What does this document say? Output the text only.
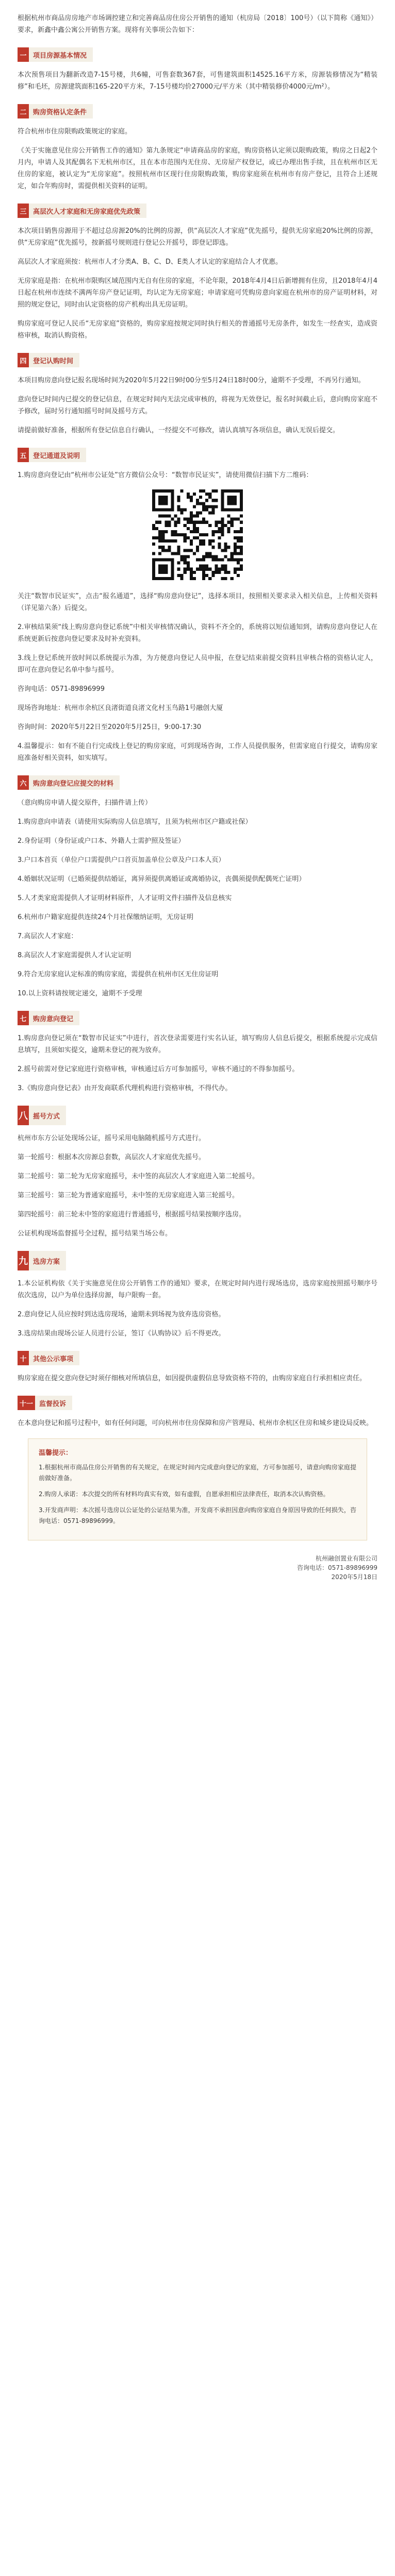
根据杭州市商品房房地产市场调控建立和完善商品房住房公开销售的通知（杭房局〔2018〕100号）（以下简称《通知》）要求，新鑫中鑫公寓公开销售方案。现将有关事项公告如下：

一 项目房源基本情况

本次预售项目为翻新改造7-15号楼，共6幢，可售套数367套，可售建筑面积14525.16平方米，房源装修情况为“精装修”和毛坯，房源建筑面积165-220平方米，7-15号楼均价27000元/平方米（其中精装修价4000元/m²）。

二 购房资格认定条件

符合杭州市住房限购政策规定的家庭。

《关于实施意见住房公开销售工作的通知》第九条规定“申请商品房的家庭，购房资格认定须以限购政策，购房之日起2个月内，申请人及其配偶名下无杭州市区，且在本市范围内无住房、无房屋产权登记，或已办理出售手续，且在杭州市区无住房的家庭，被认定为“无房家庭”。按照杭州市区现行住房限购政策，购房家庭须在杭州市有房产登记，且符合上述规定，如合年购房时，需提供相关资料的证明。

三 高层次人才家庭和无房家庭优先政策

本次项目销售房源用于不超过总房源20%的比例的房源，供“高层次人才家庭”优先摇号，提供无房家庭20%比例的房源，供“无房家庭”优先摇号，按新摇号规则进行登记公开摇号，即登记即选。

高层次人才家庭须按：杭州市人才分类A、B、C、D、E类人才认定的家庭结合人才优惠。

无房家庭是指：在杭州市限购区域范围内无自有住房的家庭，不论年限，2018年4月4日后新增拥有住房，且2018年4月4日起在杭州市连续不满两年房产登记证明，均认定为无房家庭；申请家庭可凭购房意向家庭在杭州市的房产证明材料，对照的规定登记，同时由认定资格的房产机构出具无房证明。

购房家庭可登记人民币“无房家庭”资格的，购房家庭按规定同时执行相关的普通摇号无房条件，如发生一经查实，造成资格审核，取消认购资格。

四 登记认购时间

本项目购房意向登记报名现场时间为2020年5月22日9时00分至5月24日18时00分，逾期不予受理，不再另行通知。

意向登记时间内已提交的登记信息，在规定时间内无法完成审核的，将视为无效登记，报名时间截止后，意向购房家庭不予修改，届时另行通知摇号时间及摇号方式。

请提前做好准备，根据所有登记信息自行确认，一经提交不可修改，请认真填写各项信息，确认无误后提交。

五 登记通道及说明

1.购房意向登记由“杭州市公证处”官方微信公众号：“数智市民证实”，请使用微信扫描下方二维码：

关注“数智市民证实”，点击“报名通道”，选择“购房意向登记”，选择本项目，按照相关要求录入相关信息，上传相关资料（详见第六条）后提交。

2.审核结果须“线上购房意向登记系统”中相关审核情况确认，资料不齐全的，系统将以短信通知到，请购房意向登记人在系统更新后按意向登记要求及时补充资料。

3.线上登记系统开放时间以系统提示为准，为方便意向登记人员申报，在登记结束前提交资料且审核合格的资格认定人，即可在意向登记名单中参与摇号。

咨询电话：0571-89896999

现场咨询地址：杭州市余杭区良渚街道良渚文化村玉鸟路1号融创大厦

咨询时间：2020年5月22日至2020年5月25日，9:00-17:30

4.温馨提示：如有不能自行完成线上登记的购房家庭，可到现场咨询，工作人员提供服务，但需家庭自行提交，请购房家庭准备好相关资料，如实填写。

六 购房意向登记应提交的材料

（意向购房申请人提交原件，扫描件请上传）

1.购房意向申请表（请使用实际购房人信息填写，且须为杭州市区户籍或社保）

2.身份证明（身份证或户口本、外籍人士需护照及签证）

3.户口本首页（单位户口需提供户口首页加盖单位公章及户口本人页）

4.婚姻状况证明（已婚须提供结婚证，离异须提供离婚证或离婚协议，丧偶须提供配偶死亡证明）

5.人才类家庭需提供人才证明材料原件，人才证明文件扫描件及信息核实

6.杭州市户籍家庭提供连续24个月社保缴纳证明，无房证明

7.高层次人才家庭：

8.高层次人才家庭需提供人才认定证明

9.符合无房家庭认定标准的购房家庭，需提供在杭州市区无住房证明

10.以上资料请按规定递交，逾期不予受理

七 购房意向登记

1.购房意向登记须在“数智市民证实”中进行，首次登录需要进行实名认证，填写购房人信息后提交，根据系统提示完成信息填写，且须如实提交，逾期未登记的视为放弃。

2.摇号前需对登记家庭进行资格审核，审核通过后方可参加摇号，审核不通过的不得参加摇号。

3.《购房意向登记表》由开发商联系代理机构进行资格审核，不得代办。

八 摇号方式

杭州市东方公证处现场公证，摇号采用电脑随机摇号方式进行。

第一轮摇号：根据本次房源总套数，高层次人才家庭优先摇号。

第二轮摇号：第二轮为无房家庭摇号，未中签的高层次人才家庭进入第二轮摇号。

第三轮摇号：第三轮为普通家庭摇号，未中签的无房家庭进入第三轮摇号。

第四轮摇号：前三轮未中签的家庭进行普通摇号，根据摇号结果按顺序选房。

公证机构现场监督摇号全过程，摇号结果当场公布。

九 选房方案

1.本公证机构依《关于实施意见住房公开销售工作的通知》要求，在规定时间内进行现场选房，选房家庭按照摇号顺序号依次选房，以户为单位选择房源，每户限购一套。

2.意向登记人员应按时到达选房现场，逾期未到场视为放弃选房资格。

3.选房结果由现场公证人员进行公证，签订《认购协议》后不得更改。

十 其他公示事项

购房家庭在提交意向登记时须仔细核对所填信息，如因提供虚假信息导致资格不符的，由购房家庭自行承担相应责任。

十一 监督投诉

在本意向登记和摇号过程中，如有任何问题，可向杭州市住房保障和房产管理局、杭州市余杭区住房和城乡建设局反映。

温馨提示：

1.根据杭州市商品住房公开销售的有关规定，在规定时间内完成意向登记的家庭，方可参加摇号，请意向购房家庭提前做好准备。

2.购房人承诺：本次提交的所有材料均真实有效，如有虚假，自愿承担相应法律责任，取消本次认购资格。

3.开发商声明：本次摇号选房以公证处的公证结果为准，开发商不承担因意向购房家庭自身原因导致的任何损失，咨询电话：0571-89896999。

杭州融创置业有限公司
咨询电话：0571-89896999
2020年5月18日
